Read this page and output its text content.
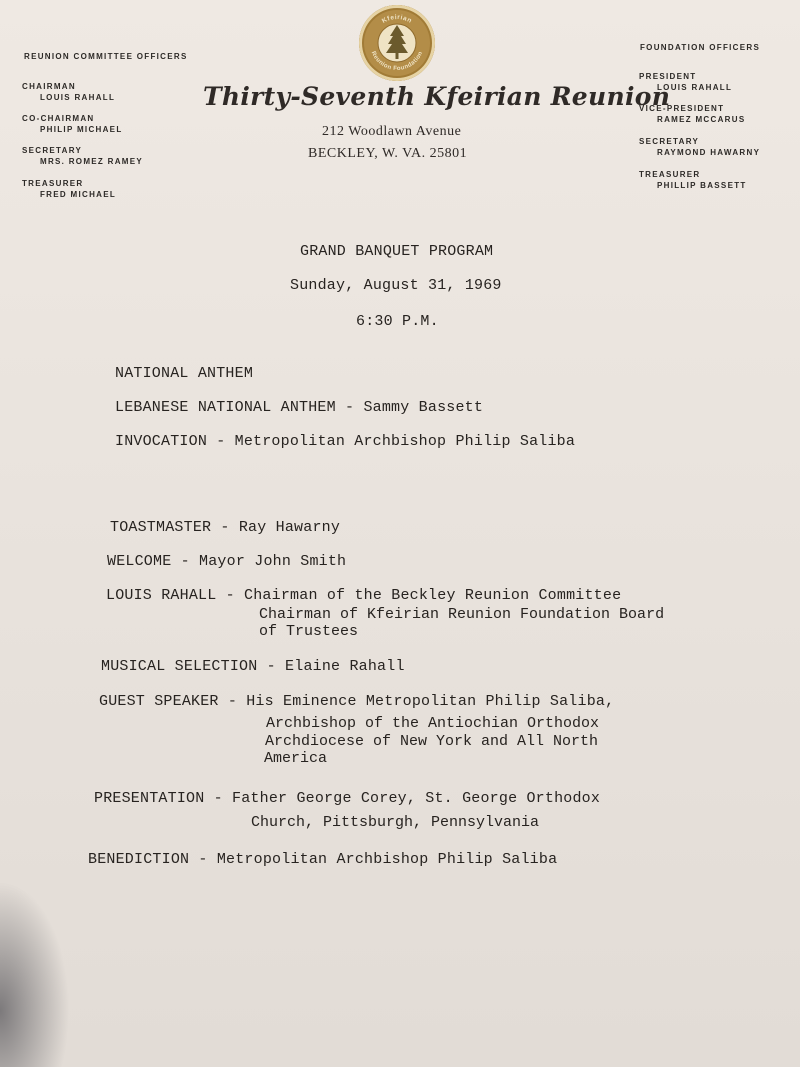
REUNION COMMITTEE OFFICERS

CHAIRMAN

LOUIS RAHALL

CO-CHAIRMAN

PHILIP MICHAEL

SECRETARY

MRS. ROMEZ RAMEY

TREASURER

FRED MICHAEL

Kfeirian
Reunion Foundation
Thirty-Seventh Kfeirian Reunion

212 Woodlawn Avenue

BECKLEY, W. VA. 25801

FOUNDATION OFFICERS

PRESIDENT

LOUIS RAHALL

VICE-PRESIDENT

RAMEZ MCCARUS

SECRETARY

RAYMOND HAWARNY

TREASURER

PHILLIP BASSETT

GRAND BANQUET PROGRAM

Sunday, August 31, 1969

6:30 P.M.

NATIONAL ANTHEM

LEBANESE NATIONAL ANTHEM - Sammy Bassett

INVOCATION - Metropolitan Archbishop Philip Saliba

TOASTMASTER - Ray Hawarny

WELCOME - Mayor John Smith

LOUIS RAHALL - Chairman of the Beckley Reunion Committee

Chairman of Kfeirian Reunion Foundation Board

of Trustees

MUSICAL SELECTION - Elaine Rahall

GUEST SPEAKER - His Eminence Metropolitan Philip Saliba,

Archbishop of the Antiochian Orthodox

Archdiocese of New York and All North

America

PRESENTATION - Father George Corey, St. George Orthodox

Church, Pittsburgh, Pennsylvania

BENEDICTION - Metropolitan Archbishop Philip Saliba
